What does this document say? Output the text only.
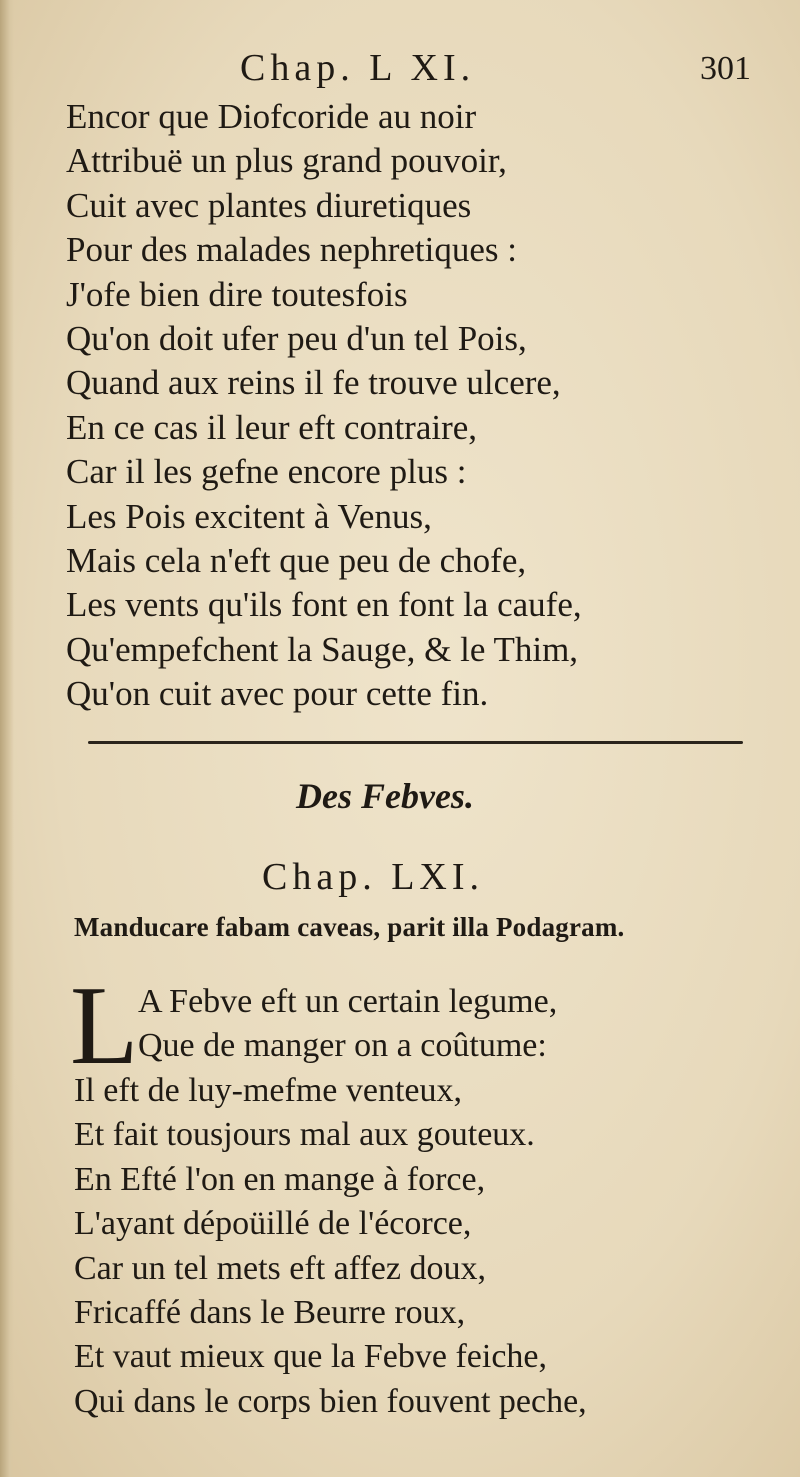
Chap. L XI.	301
Encor que Diofcoride au noir
Attribuë un plus grand pouvoir,
Cuit avec plantes diuretiques
Pour des malades nephretiques :
J'ofe bien dire toutesfois
Qu'on doit ufer peu d'un tel Pois,
Quand aux reins il fe trouve ulcere,
En ce cas il leur eft contraire,
Car il les gefne encore plus :
Les Pois excitent à Venus,
Mais cela n'eft que peu de chofe,
Les vents qu'ils font en font la caufe,
Qu'empefchent la Sauge, & le Thim,
Qu'on cuit avec pour cette fin.
Des Febves.
Chap. LXI.
Manducare fabam caveas, parit illa Podagram.
L A Febve eft un certain legume,
Que de manger on a coûtume:
Il eft de luy-mefme venteux,
Et fait tousjours mal aux gouteux.
En Efté l'on en mange à force,
L'ayant dépoüillé de l'écorce,
Car un tel mets eft affez doux,
Fricaffé dans le Beurre roux,
Et vaut mieux que la Febve feiche,
Qui dans le corps bien fouvent peche,
